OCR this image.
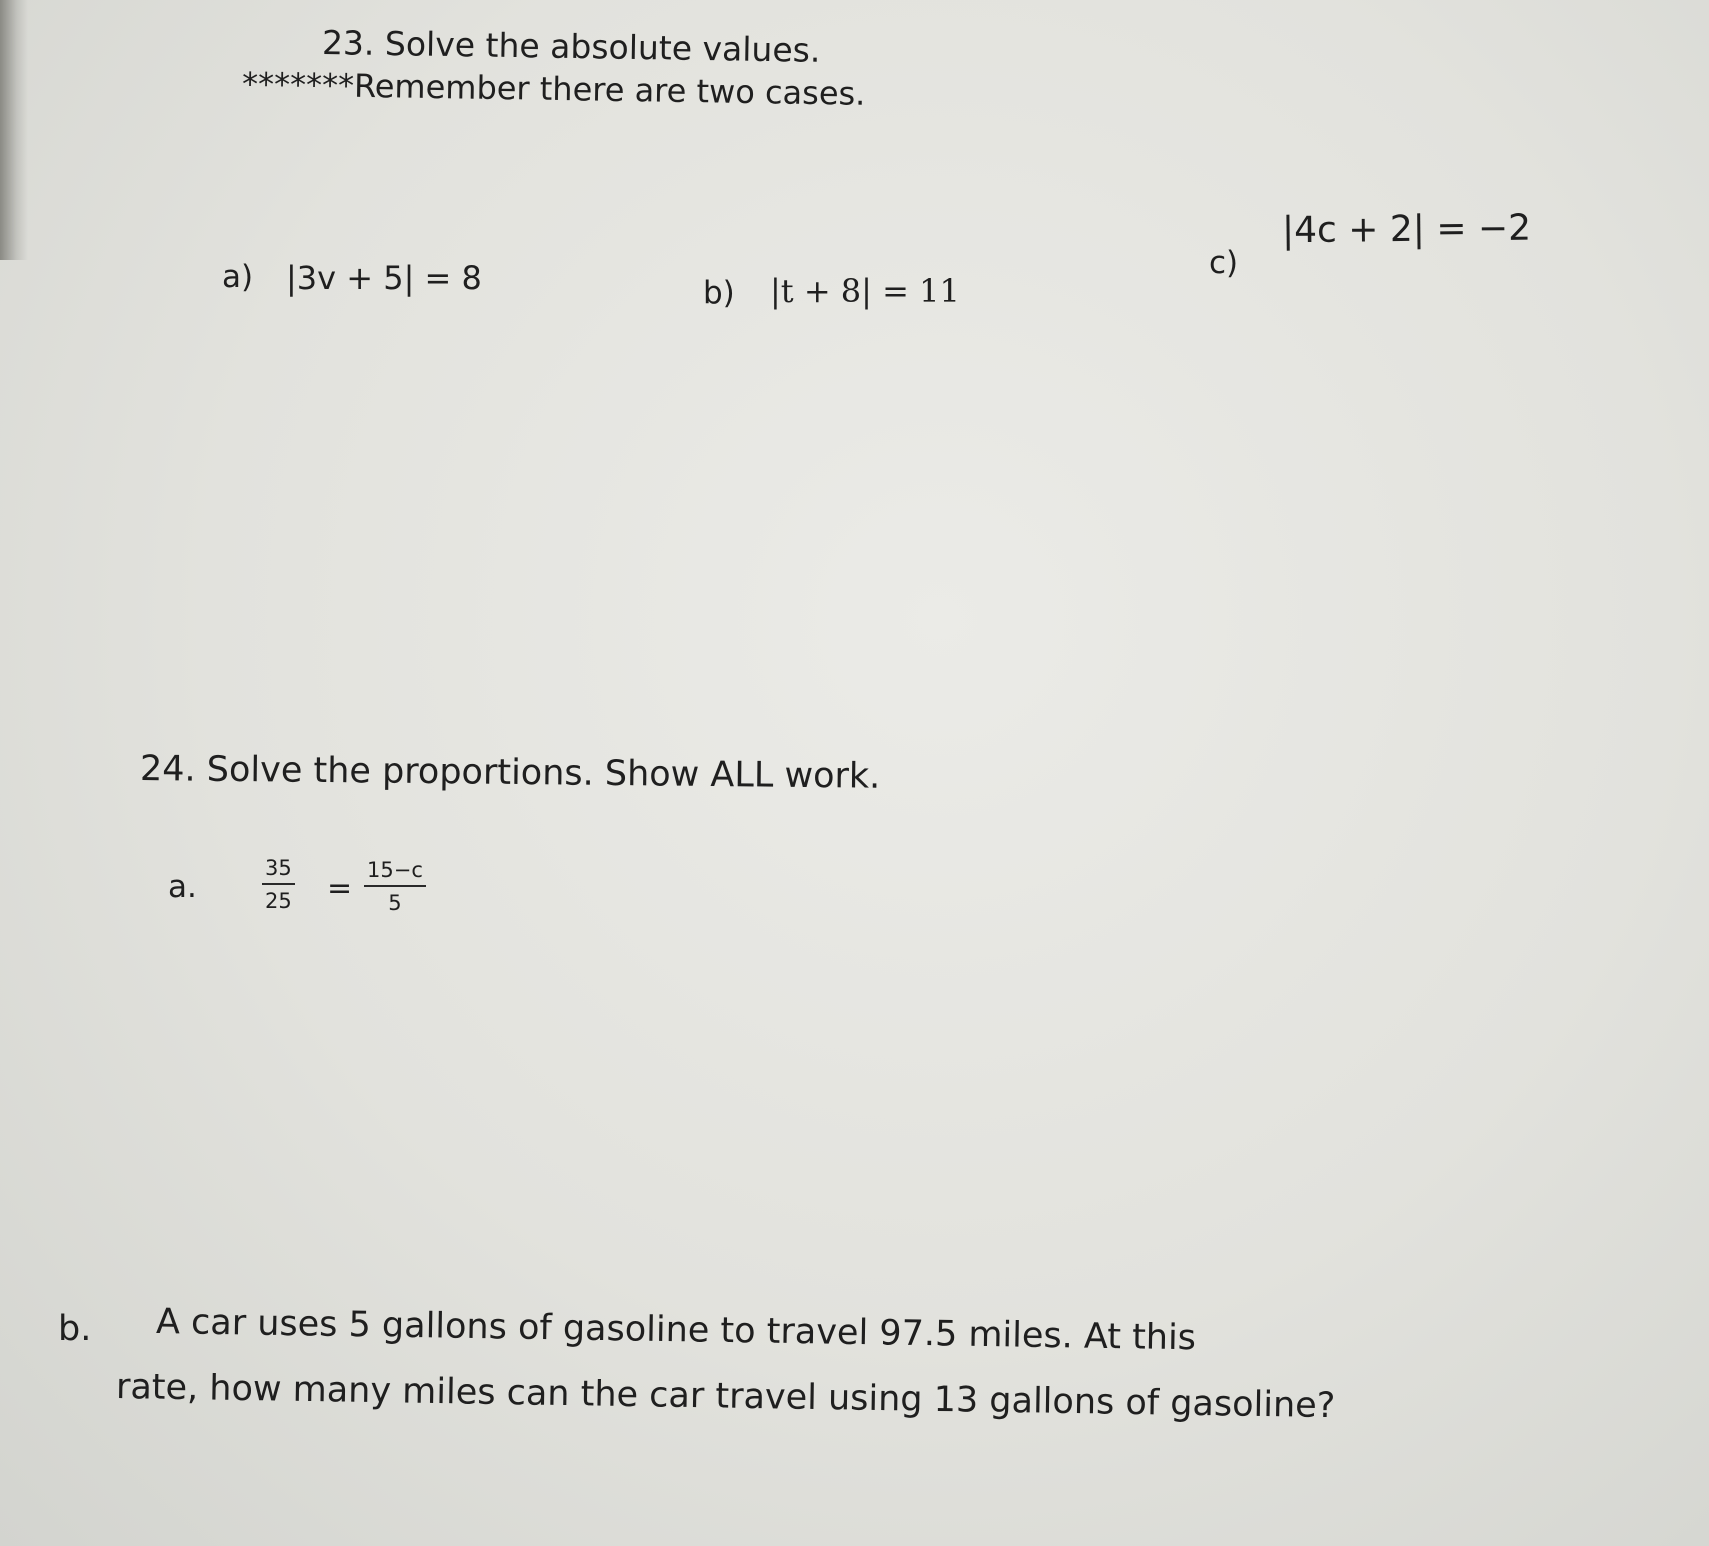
23. Solve the absolute values.
*******Remember there are two cases.
a) |3v + 5| = 8	b) |t + 8| = 11
c)
|4c + 2| = −2
24. Solve the proportions. Show ALL work.
a.
35
25 =
15−c
5
b. A car uses 5 gallons of gasoline to travel 97.5 miles. At this
rate, how many miles can the car travel using 13 gallons of gasoline?
